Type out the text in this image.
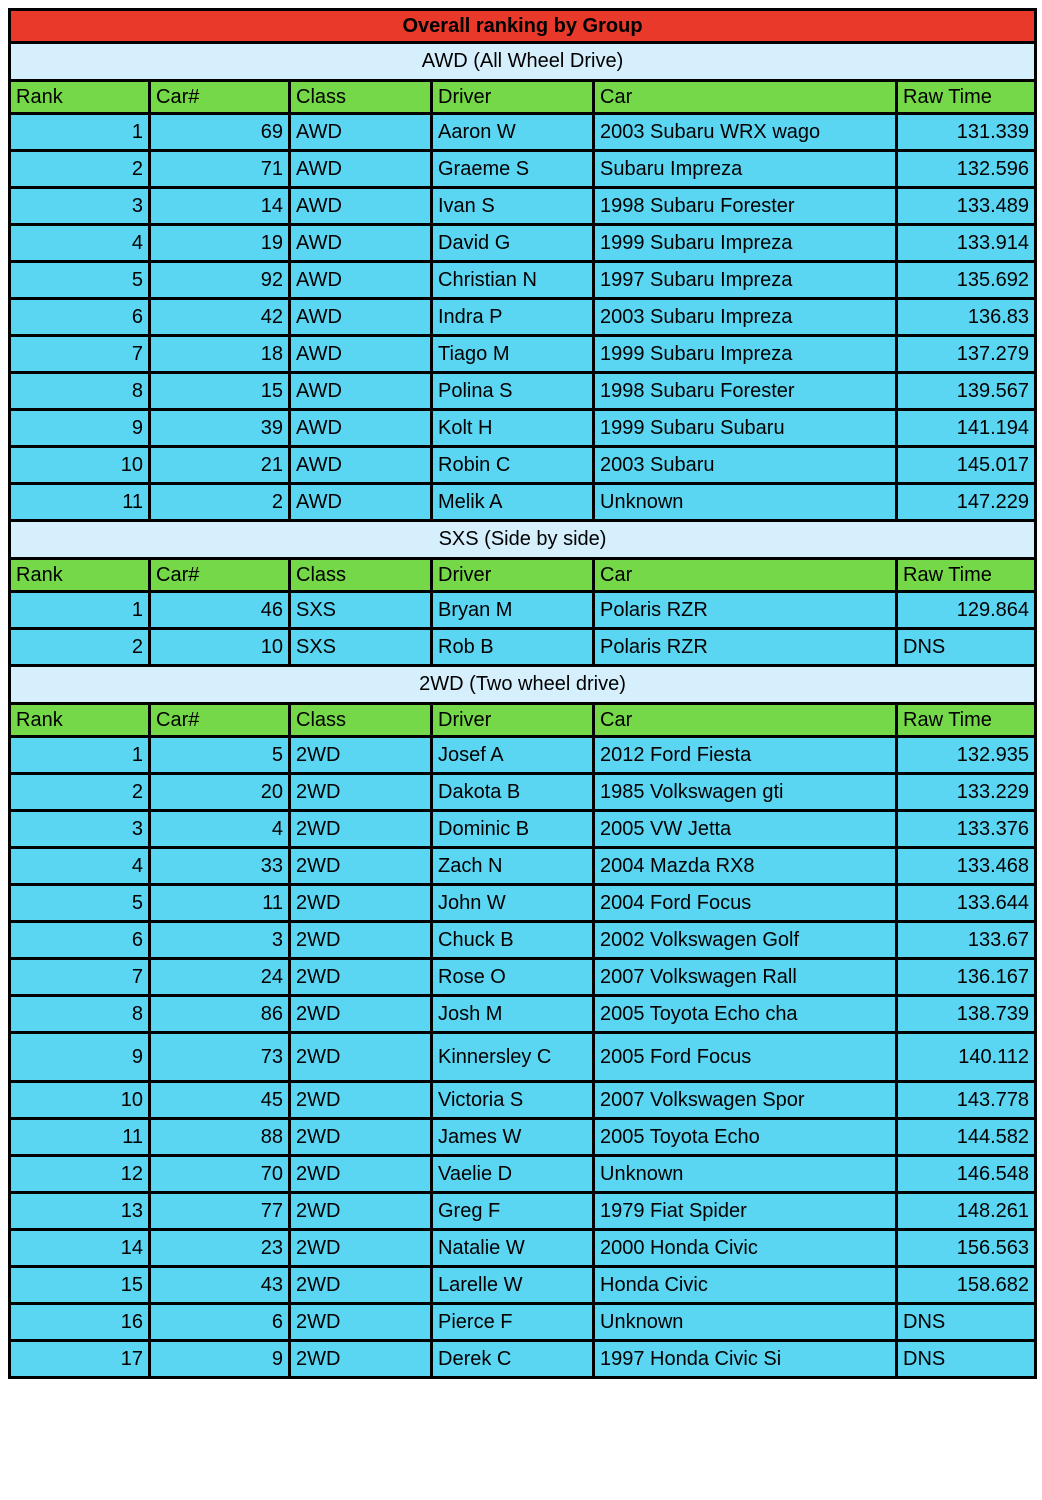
Overall ranking by Group					
AWD (All Wheel Drive)					
Rank	Car#	Class	Driver	Car	Raw Time
1	69	AWD	Aaron W	2003 Subaru WRX wago	131.339
2	71	AWD	Graeme S	Subaru Impreza	132.596
3	14	AWD	Ivan S	1998 Subaru Forester	133.489
4	19	AWD	David G	1999 Subaru Impreza	133.914
5	92	AWD	Christian N	1997 Subaru Impreza	135.692
6	42	AWD	Indra P	2003 Subaru Impreza	136.83
7	18	AWD	Tiago M	1999 Subaru Impreza	137.279
8	15	AWD	Polina S	1998 Subaru Forester	139.567
9	39	AWD	Kolt H	1999 Subaru Subaru	141.194
10	21	AWD	Robin C	2003 Subaru	145.017
11	2	AWD	Melik A	Unknown	147.229
SXS (Side by side)					
Rank	Car#	Class	Driver	Car	Raw Time
1	46	SXS	Bryan M	Polaris RZR	129.864
2	10	SXS	Rob B	Polaris RZR	DNS
2WD (Two wheel drive)					
Rank	Car#	Class	Driver	Car	Raw Time
1	5	2WD	Josef A	2012 Ford Fiesta	132.935
2	20	2WD	Dakota B	1985 Volkswagen gti	133.229
3	4	2WD	Dominic B	2005 VW Jetta	133.376
4	33	2WD	Zach N	2004 Mazda RX8	133.468
5	11	2WD	John W	2004 Ford Focus	133.644
6	3	2WD	Chuck B	2002 Volkswagen Golf	133.67
7	24	2WD	Rose O	2007 Volkswagen Rall	136.167
8	86	2WD	Josh M	2005 Toyota Echo cha	138.739
9	73	2WD	Kinnersley C	2005 Ford Focus	140.112
10	45	2WD	Victoria S	2007 Volkswagen Spor	143.778
11	88	2WD	James W	2005 Toyota Echo	144.582
12	70	2WD	Vaelie D	Unknown	146.548
13	77	2WD	Greg F	1979 Fiat Spider	148.261
14	23	2WD	Natalie W	2000 Honda Civic	156.563
15	43	2WD	Larelle W	Honda Civic	158.682
16	6	2WD	Pierce F	Unknown	DNS
17	9	2WD	Derek C	1997 Honda Civic Si	DNS
